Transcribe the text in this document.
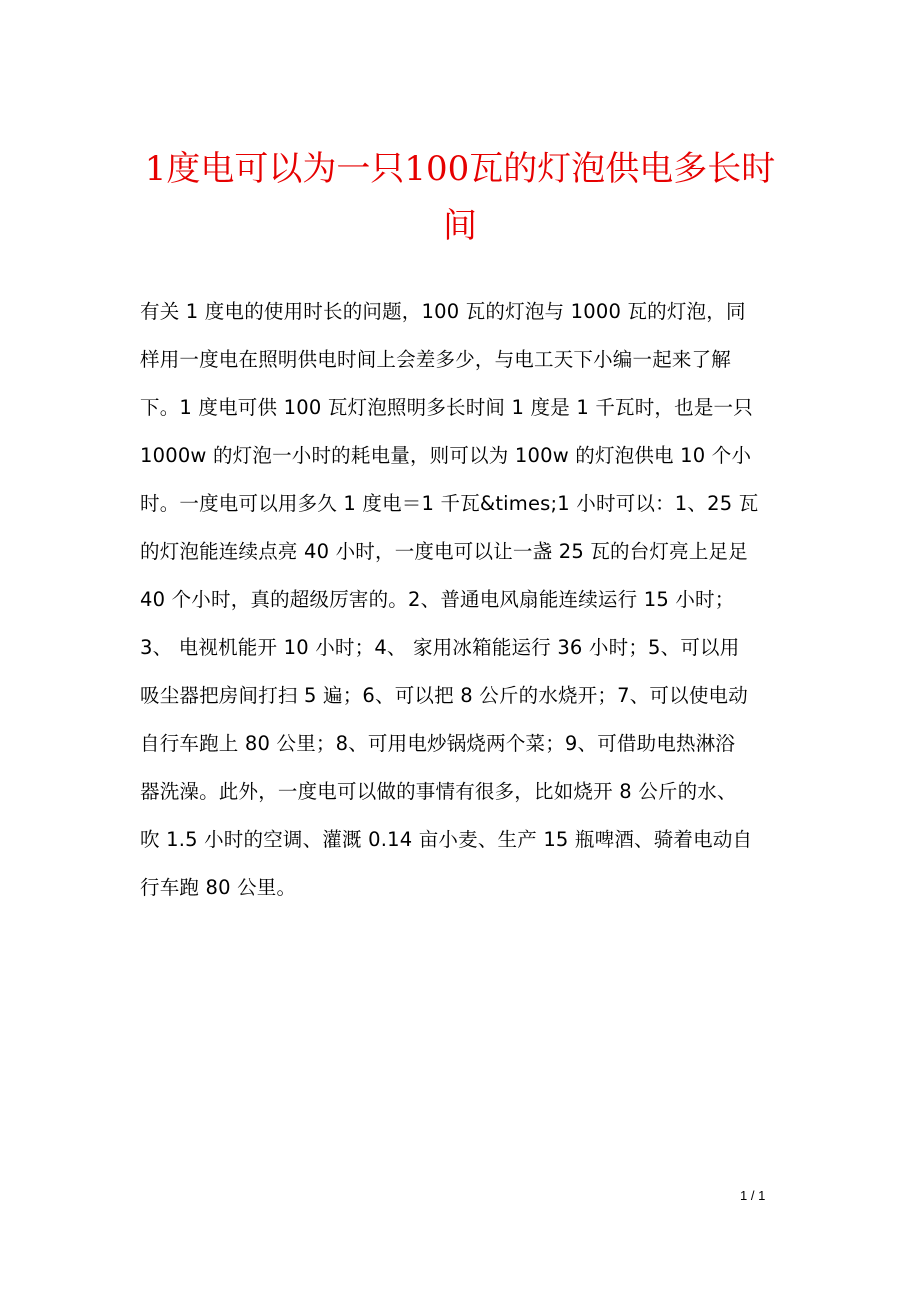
1度电可以为一只100瓦的灯泡供电多长时
间
有关 1 度电的使用时长的问题，100 瓦的灯泡与 1000 瓦的灯泡，同
样用一度电在照明供电时间上会差多少，与电工天下小编一起来了解
下。1 度电可供 100 瓦灯泡照明多长时间 1 度是 1 千瓦时，也是一只
1000w 的灯泡一小时的耗电量，则可以为 100w 的灯泡供电 10 个小
时。一度电可以用多久 1 度电＝1 千瓦&times;1 小时可以：1、25 瓦
的灯泡能连续点亮 40 小时，一度电可以让一盏 25 瓦的台灯亮上足足
40 个小时，真的超级厉害的。2、普通电风扇能连续运行 15 小时；
3、 电视机能开 10 小时；4、 家用冰箱能运行 36 小时；5、可以用
吸尘器把房间打扫 5 遍；6、可以把 8 公斤的水烧开；7、可以使电动
自行车跑上 80 公里；8、可用电炒锅烧两个菜；9、可借助电热淋浴
器洗澡。此外，一度电可以做的事情有很多，比如烧开 8 公斤的水、
吹 1.5 小时的空调、灌溉 0.14 亩小麦、生产 15 瓶啤酒、骑着电动自
行车跑 80 公里。
1 / 1
